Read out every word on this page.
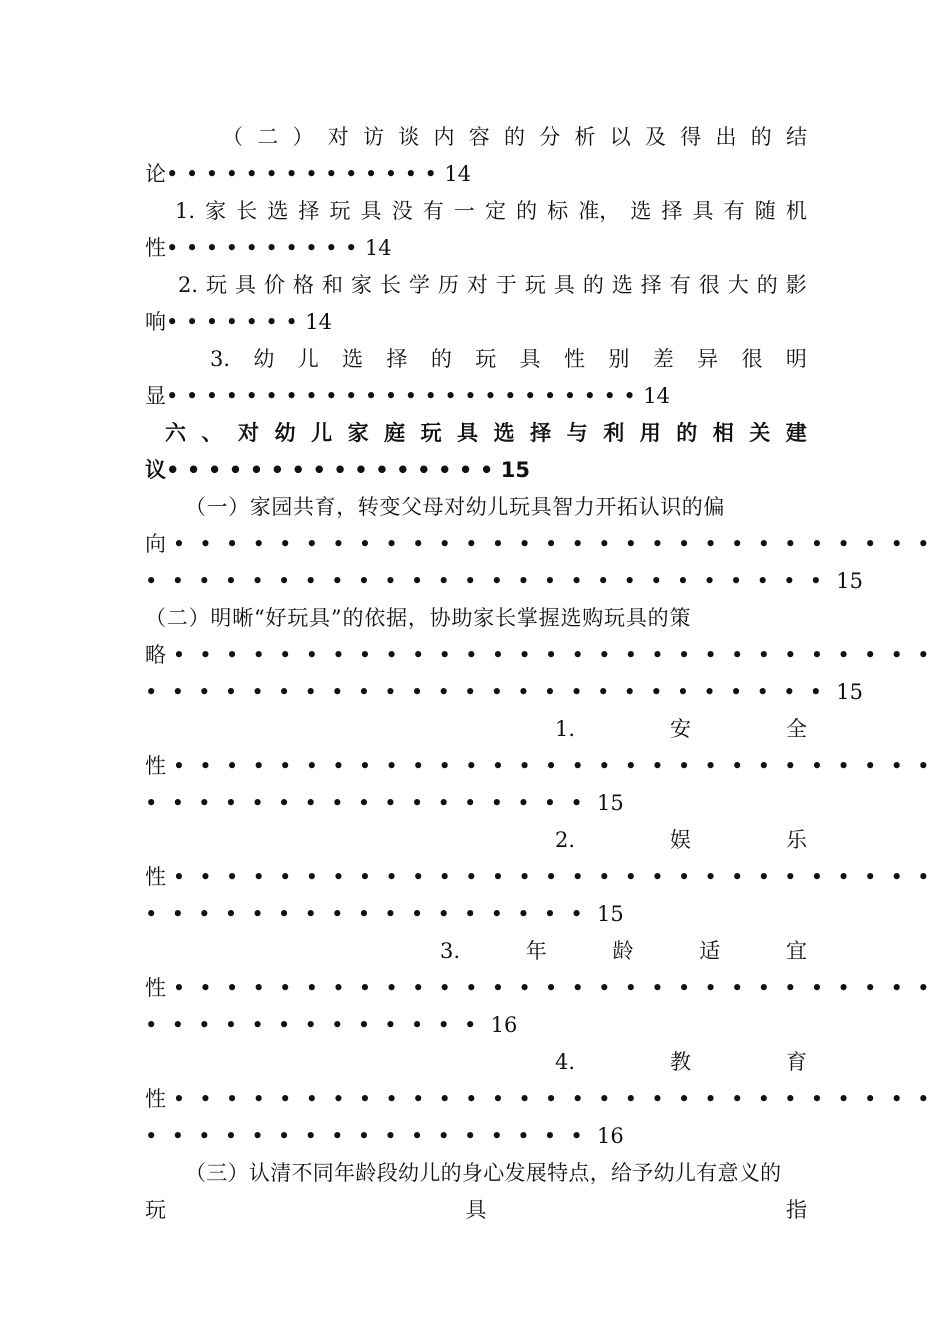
（ 二 ） 对 访 谈 内 容 的 分 析 以 及 得 出 的 结
论••••••••••••••14
1. 家 长 选 择 玩 具 没 有 一 定 的 标 准， 选 择 具 有 随 机
性••••••••••14
2. 玩 具 价 格 和 家 长 学 历 对 于 玩 具 的 选 择 有 很 大 的 影
响•••••••14
3. 幼 儿 选 择 的 玩 具 性 别 差 异 很 明
显••••••••••••••••••••••••14
六 、 对 幼 儿 家 庭 玩 具 选 择 与 利 用 的 相 关 建
议••••••••••••••••15
（一）家园共育，转变父母对幼儿玩具智力开拓认识的偏
向 •••••••••••••••••••••••••••••
••••••••••••••••••••••••••15
（二）明晰“好玩具”的依据，协助家长掌握选购玩具的策
略 •••••••••••••••••••••••••••••
••••••••••••••••••••••••••15
1.	安	全
性 •••••••••••••••••••••••••••••
•••••••••••••••••15
2.	娱	乐
性 •••••••••••••••••••••••••••••
•••••••••••••••••15
3.	年	龄	适	宜
性 •••••••••••••••••••••••••••••
•••••••••••••16
4.	教	育
性 •••••••••••••••••••••••••••••
•••••••••••••••••16
（三）认清不同年龄段幼儿的身心发展特点，给予幼儿有意义的
玩	具	指
